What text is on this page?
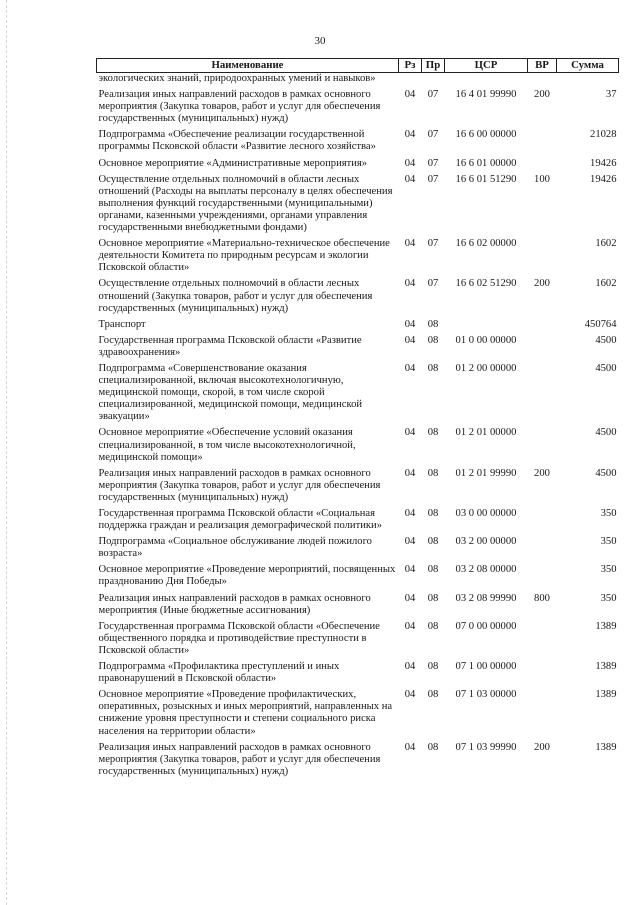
30
Наименование	Рз	Пр	ЦСР	ВР	Сумма
экологических знаний, природоохранных умений и навыков»					
Реализация иных направлений расходов в рамках основного мероприятия (Закупка товаров, работ и услуг для обеспечения государственных (муниципальных) нужд)	04	07	16 4 01 99990	200	37
Подпрограмма «Обеспечение реализации государственной программы Псковской области «Развитие лесного хозяйства»	04	07	16 6 00 00000		21028
Основное мероприятие «Административные мероприятия»	04	07	16 6 01 00000		19426
Осуществление отдельных полномочий в области лесных отношений (Расходы на выплаты персоналу в целях обеспечения выполнения функций государственными (муниципальными) органами, казенными учреждениями, органами управления государственными внебюджетными фондами)	04	07	16 6 01 51290	100	19426
Основное мероприятие «Материально-техническое обеспечение деятельности Комитета по природным ресурсам и экологии Псковской области»	04	07	16 6 02 00000		1602
Осуществление отдельных полномочий в области лесных отношений (Закупка товаров, работ и услуг для обеспечения государственных (муниципальных) нужд)	04	07	16 6 02 51290	200	1602
Транспорт	04	08			450764
Государственная программа Псковской области «Развитие здравоохранения»	04	08	01 0 00 00000		4500
Подпрограмма «Совершенствование оказания специализированной, включая высокотехнологичную, медицинской помощи, скорой, в том числе скорой специализированной, медицинской помощи, медицинской эвакуации»	04	08	01 2 00 00000		4500
Основное мероприятие «Обеспечение условий оказания специализированной, в том числе высокотехнологичной, медицинской помощи»	04	08	01 2 01 00000		4500
Реализация иных направлений расходов в рамках основного мероприятия (Закупка товаров, работ и услуг для обеспечения государственных (муниципальных) нужд)	04	08	01 2 01 99990	200	4500
Государственная программа Псковской области «Социальная поддержка граждан и реализация демографической политики»	04	08	03 0 00 00000		350
Подпрограмма «Социальное обслуживание людей пожилого возраста»	04	08	03 2 00 00000		350
Основное мероприятие «Проведение мероприятий, посвященных празднованию Дня Победы»	04	08	03 2 08 00000		350
Реализация иных направлений расходов в рамках основного мероприятия (Иные бюджетные ассигнования)	04	08	03 2 08 99990	800	350
Государственная программа Псковской области «Обеспечение общественного порядка и противодействие преступности в Псковской области»	04	08	07 0 00 00000		1389
Подпрограмма «Профилактика преступлений и иных правонарушений в Псковской области»	04	08	07 1 00 00000		1389
Основное мероприятие «Проведение профилактических, оперативных, розыскных и иных мероприятий, направленных на снижение уровня преступности и степени социального риска населения на территории области»	04	08	07 1 03 00000		1389
Реализация иных направлений расходов в рамках основного мероприятия (Закупка товаров, работ и услуг для обеспечения государственных (муниципальных) нужд)	04	08	07 1 03 99990	200	1389
